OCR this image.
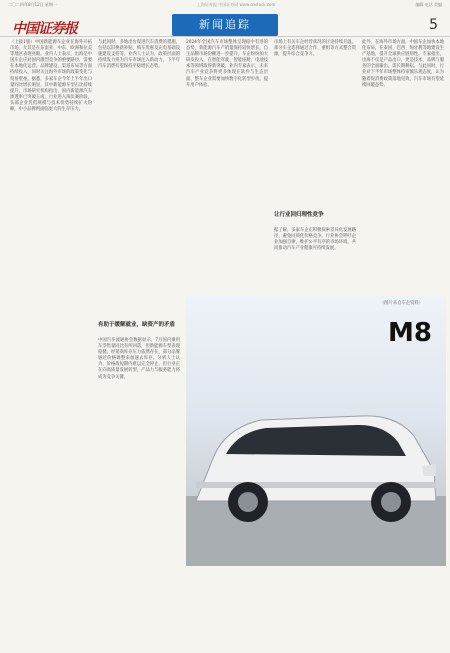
二〇二四年8月12日 星期一	上海证券报 中国证券网 www.cnstock.com	编辑 电话 美编
中国证券报	新闻追踪	5

（上接1版）中国新能源车企业在海外开拓市场，尤其是在东南亚、中东、欧洲和拉美等地区表现亮眼。业内人士表示，出海是中国车企应对国内激烈竞争的重要路径，需要在本地化运营、品牌建设、渠道布局等方面持续投入，同时关注海外市场的政策变化与贸易壁垒。据悉，多家车企今年上半年出口量同比增长明显，其中新能源车型占比持续提升。市场研究机构指出，国内新能源汽车渗透率已突破五成，行业进入淘汰赛阶段，头部企业凭借规模与技术优势持续扩大份额，中小品牌则面临更大的生存压力。

与此同时，多地出台促进汽车消费的措施，包括以旧换新补贴、购车优惠及充电基础设施建设支持等。业内人士认为，政策层面的持续发力将为汽车市场注入新动力，下半年汽车消费有望保持平稳增长态势。

有助于缓解就业，缺资产的矛盾

中国汽车流通协会数据显示，7月国内乘用车零售量同比有所回落，但新能源车型表现稳健。经销商库存压力依然存在，部分品牌通过价格调整来加速去库存。分析人士认为，价格战短期内难以完全停止，但行业正在向高质量发展转型，产品力与服务能力将成为竞争关键。

2024年全国汽车市场整体呈现稳中有进的态势，新能源汽车产销量保持较快增长，自主品牌市场份额进一步提升。车企纷纷加大研发投入，在智能驾驶、智能座舱、电池技术等领域取得新突破。业内专家表示，未来汽车产业竞争将更多体现在软件与生态层面，整车企业需要加快数字化转型步伐，提升用户体验。

市场上有关车企经营状况的讨论持续升温。部分车企选择通过合作、重组等方式整合资源，提升综合竞争力。

让行业回归理性竞争

据了解，多家车企正积极探索差异化发展路径，避免同质化价格竞争。行业协会呼吁企业加强自律，维护公平有序的市场环境，共同推动汽车产业健康可持续发展。

此外，在海外市场方面，中国车企加快本地化布局，在泰国、巴西、匈牙利等地建设生产基地，提升全球供应链韧性。专家指出，出海不仅是产品出口，更是技术、品牌与服务的全面输出，需长期耕耘。与此同时，行业对下半年市场整体持审慎乐观态度，认为随着促消费政策落地见效，汽车市场有望延续回暖态势。

M8
（图片来自车企资料）
